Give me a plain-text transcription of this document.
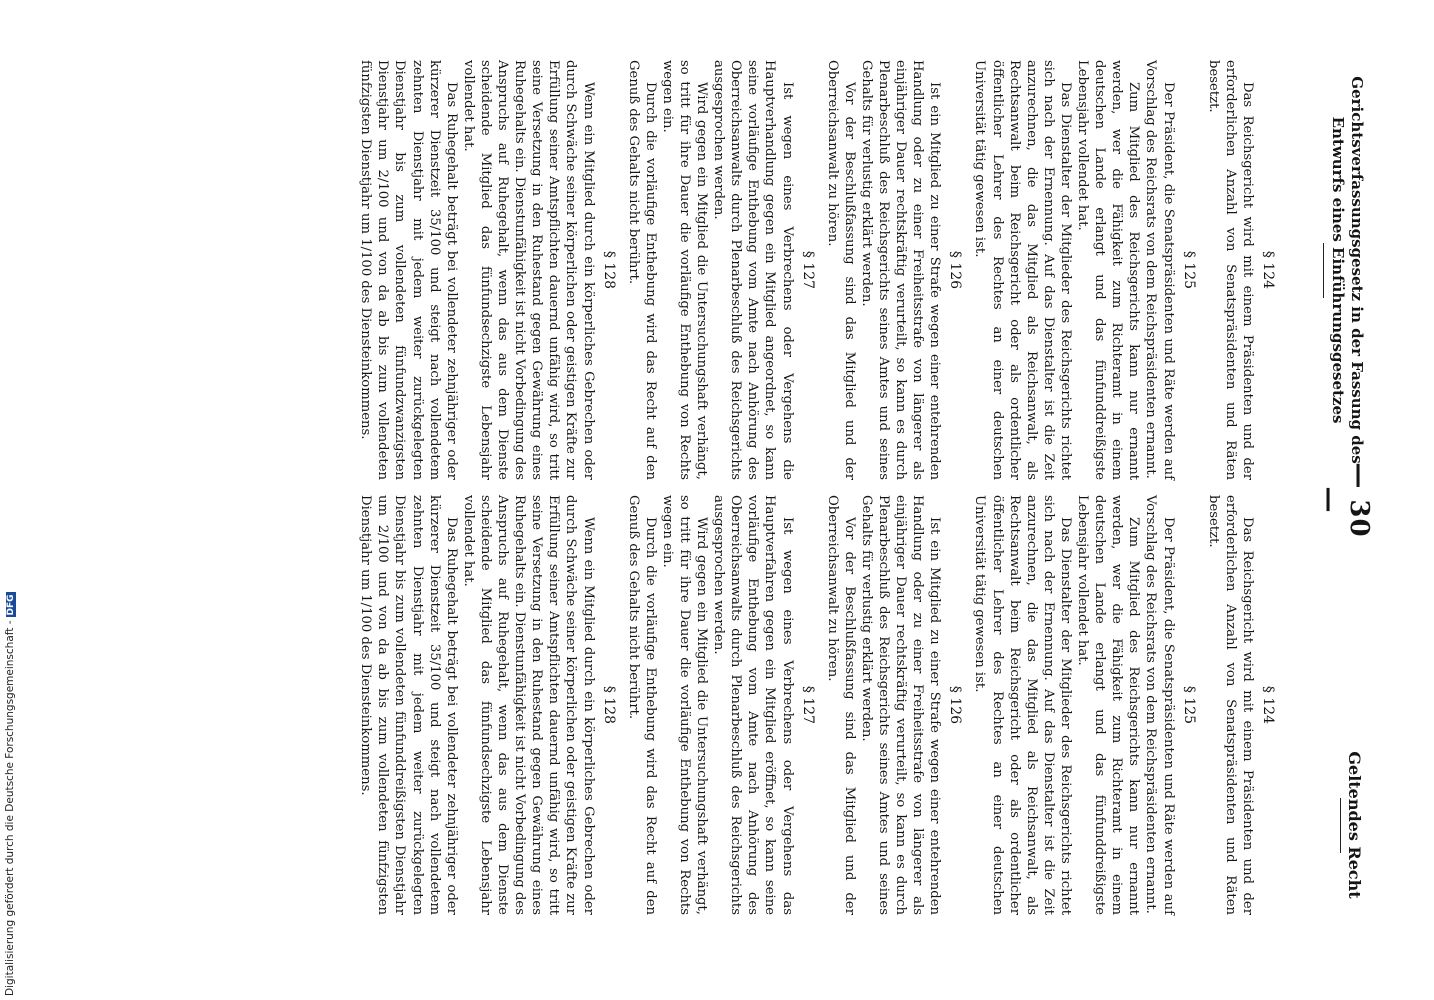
Gerichtsverfassungsgesetz in der Fassung des Entwurfs eines Einführungsgesetzes
— 30 —
Geltendes Recht
§ 124

Das Reichsgericht wird mit einem Präsidenten und der erforderlichen Anzahl von Senatspräsidenten und Räten besetzt.

§ 125

Der Präsident, die Senatspräsidenten und Räte werden auf Vorschlag des Reichsrats von dem Reichspräsidenten ernannt.

Zum Mitglied des Reichsgerichts kann nur ernannt werden, wer die Fähigkeit zum Richteramt in einem deutschen Lande erlangt und das fünfunddreißigste Lebensjahr vollendet hat.

Das Dienstalter der Mitglieder des Reichsgerichts richtet sich nach der Ernennung. Auf das Dienstalter ist die Zeit anzurechnen, die das Mitglied als Reichsanwalt, als Rechtsanwalt beim Reichsgericht oder als ordentlicher öffentlicher Lehrer des Rechtes an einer deutschen Universität tätig gewesen ist.

§ 126

Ist ein Mitglied zu einer Strafe wegen einer entehrenden Handlung oder zu einer Freiheitsstrafe von längerer als einjähriger Dauer rechtskräftig verurteilt, so kann es durch Plenarbeschluß des Reichsgerichts seines Amtes und seines Gehalts für verlustig erklärt werden.

Vor der Beschlußfassung sind das Mitglied und der Oberreichsanwalt zu hören.

§ 127

Ist wegen eines Verbrechens oder Vergehens die Hauptverhandlung gegen ein Mitglied angeordnet, so kann seine vorläufige Enthebung vom Amte nach Anhörung des Oberreichsanwalts durch Plenarbeschluß des Reichsgerichts ausgesprochen werden.

Wird gegen ein Mitglied die Untersuchungshaft verhängt, so tritt für ihre Dauer die vorläufige Enthebung von Rechts wegen ein.

Durch die vorläufige Enthebung wird das Recht auf den Genuß des Gehalts nicht berührt.

§ 128

Wenn ein Mitglied durch ein körperliches Gebrechen oder durch Schwäche seiner körperlichen oder geistigen Kräfte zur Erfüllung seiner Amtspflichten dauernd unfähig wird, so tritt seine Versetzung in den Ruhestand gegen Gewährung eines Ruhegehalts ein. Dienstunfähigkeit ist nicht Vorbedingung des Anspruchs auf Ruhegehalt, wenn das aus dem Dienste scheidende Mitglied das fünfundsechzigste Lebensjahr vollendet hat.

Das Ruhegehalt beträgt bei vollendeter zehnjähriger oder kürzerer Dienstzeit 35/100 und steigt nach vollendetem zehnten Dienstjahr mit jedem weiter zurückgelegten Dienstjahr bis zum vollendeten fünfundzwanzigsten Dienstjahr um 2/100 und von da ab bis zum vollendeten fünfzigsten Dienstjahr um 1/100 des Diensteinkommens.

§ 124

Das Reichsgericht wird mit einem Präsidenten und der erforderlichen Anzahl von Senatspräsidenten und Räten besetzt.

§ 125

Der Präsident, die Senatspräsidenten und Räte werden auf Vorschlag des Reichsrats von dem Reichspräsidenten ernannt.

Zum Mitglied des Reichsgerichts kann nur ernannt werden, wer die Fähigkeit zum Richteramt in einem deutschen Lande erlangt und das fünfunddreißigste Lebensjahr vollendet hat.

Das Dienstalter der Mitglieder des Reichsgerichts richtet sich nach der Ernennung. Auf das Dienstalter ist die Zeit anzurechnen, die das Mitglied als Reichsanwalt, als Rechtsanwalt beim Reichsgericht oder als ordentlicher öffentlicher Lehrer des Rechtes an einer deutschen Universität tätig gewesen ist.

§ 126

Ist ein Mitglied zu einer Strafe wegen einer entehrenden Handlung oder zu einer Freiheitsstrafe von längerer als einjähriger Dauer rechtskräftig verurteilt, so kann es durch Plenarbeschluß des Reichsgerichts seines Amtes und seines Gehalts für verlustig erklärt werden.

Vor der Beschlußfassung sind das Mitglied und der Oberreichsanwalt zu hören.

§ 127

Ist wegen eines Verbrechens oder Vergehens das Hauptverfahren gegen ein Mitglied eröffnet, so kann seine vorläufige Enthebung vom Amte nach Anhörung des Oberreichsanwalts durch Plenarbeschluß des Reichsgerichts ausgesprochen werden.

Wird gegen ein Mitglied die Untersuchungshaft verhängt, so tritt für ihre Dauer die vorläufige Enthebung von Rechts wegen ein.

Durch die vorläufige Enthebung wird das Recht auf den Genuß des Gehalts nicht berührt.

§ 128

Wenn ein Mitglied durch ein körperliches Gebrechen oder durch Schwäche seiner körperlichen oder geistigen Kräfte zur Erfüllung seiner Amtspflichten dauernd unfähig wird, so tritt seine Versetzung in den Ruhestand gegen Gewährung eines Ruhegehalts ein. Dienstunfähigkeit ist nicht Vorbedingung des Anspruchs auf Ruhegehalt, wenn das aus dem Dienste scheidende Mitglied das fünfundsechzigste Lebensjahr vollendet hat.

Das Ruhegehalt beträgt bei vollendeter zehnjähriger oder kürzerer Dienstzeit 35/100 und steigt nach vollendetem zehnten Dienstjahr mit jedem weiter zurückgelegten Dienstjahr bis zum vollendeten fünfunddreißigsten Dienstjahr um 2/100 und von da ab bis zum vollendeten fünfzigsten Dienstjahr um 1/100 des Diensteinkommens.

Digitalisierung gefördert durch die Deutsche Forschungsgemeinschaft -DFG
